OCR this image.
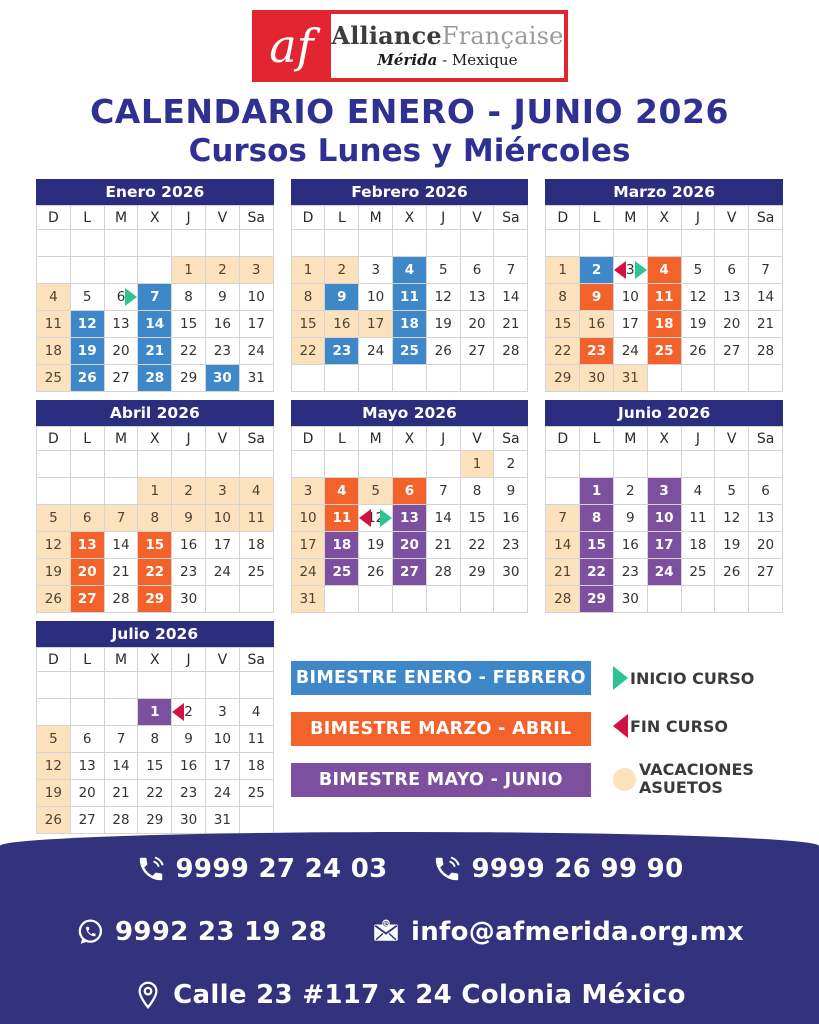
af AllianceFrançaise
Mérida - Mexique
CALENDARIO ENERO - JUNIO 2026
Cursos Lunes y Miércoles
Enero 2026
D	L	M	X	J	V	Sa

				1	2	3
4	5	6	7	8	9	10
11	12	13	14	15	16	17
18	19	20	21	22	23	24
25	26	27	28	29	30	31
Febrero 2026
D	L	M	X	J	V	Sa

1	2	3	4	5	6	7
8	9	10	11	12	13	14
15	16	17	18	19	20	21
22	23	24	25	26	27	28

Marzo 2026
D	L	M	X	J	V	Sa

1	2	3	4	5	6	7
8	9	10	11	12	13	14
15	16	17	18	19	20	21
22	23	24	25	26	27	28
29	30	31				
Abril 2026
D	L	M	X	J	V	Sa

			1	2	3	4
5	6	7	8	9	10	11
12	13	14	15	16	17	18
19	20	21	22	23	24	25
26	27	28	29	30		
Mayo 2026
D	L	M	X	J	V	Sa
					1	2
3	4	5	6	7	8	9
10	11	12	13	14	15	16
17	18	19	20	21	22	23
24	25	26	27	28	29	30
31						
Junio 2026
D	L	M	X	J	V	Sa

	1	2	3	4	5	6
7	8	9	10	11	12	13
14	15	16	17	18	19	20
21	22	23	24	25	26	27
28	29	30				
Julio 2026
D	L	M	X	J	V	Sa

			1	2	3	4
5	6	7	8	9	10	11
12	13	14	15	16	17	18
19	20	21	22	23	24	25
26	27	28	29	30	31	
BIMESTRE ENERO - FEBRERO
BIMESTRE MARZO - ABRIL
BIMESTRE MAYO - JUNIO
INICIO CURSO
FIN CURSO
VACACIONES
ASUETOS
9999 27 24 03	9999 26 99 90
9992 23 19 28	@ info@afmerida.org.mx
Calle 23 #117 x 24 Colonia México
